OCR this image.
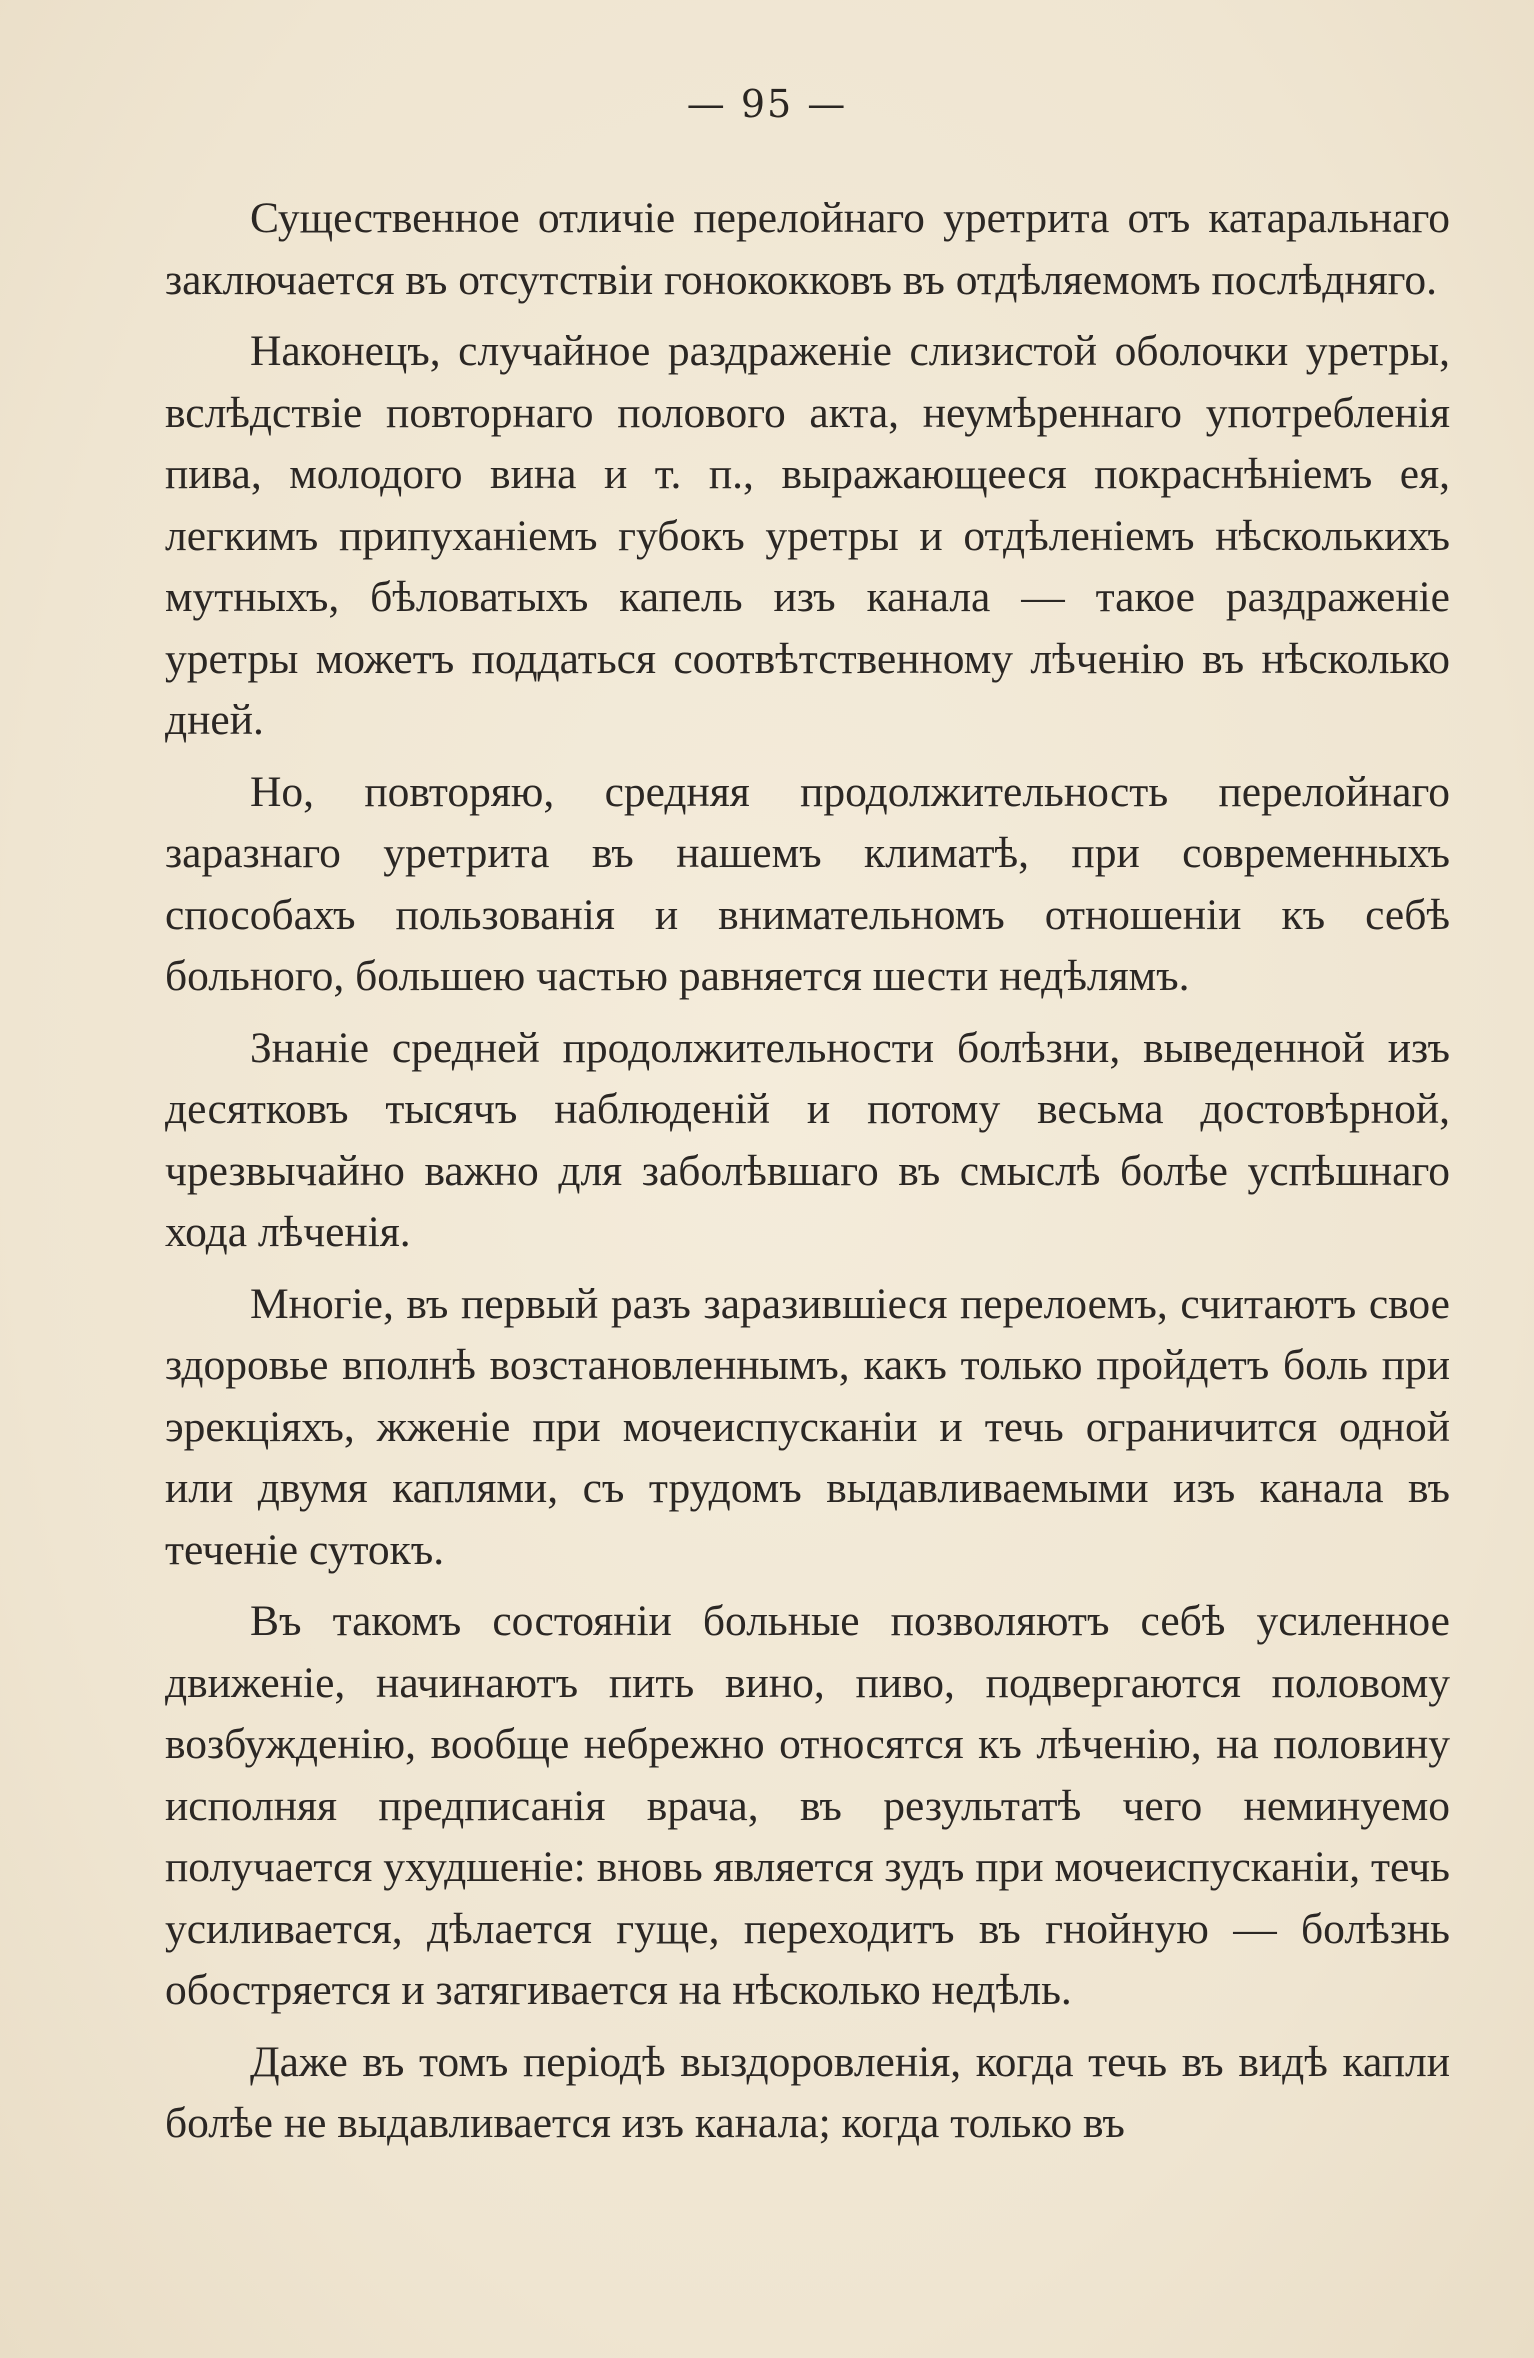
— 95 —

Существенное отличіе перелойнаго уретрита отъ катаральнаго заключается въ отсутствіи гонококковъ въ отдѣляемомъ послѣдняго.

Наконецъ, случайное раздраженіе слизистой оболочки уретры, вслѣдствіе повторнаго полового акта, неумѣреннаго употребленія пива, молодого вина и т. п., выражающееся покраснѣніемъ ея, легкимъ припуханіемъ губокъ уретры и отдѣленіемъ нѣсколькихъ мутныхъ, бѣловатыхъ капель изъ канала — такое раздраженіе уретры можетъ поддаться соотвѣтственному лѣченію въ нѣсколько дней.

Но, повторяю, средняя продолжительность перелойнаго заразнаго уретрита въ нашемъ климатѣ, при современныхъ способахъ пользованія и внимательномъ отношеніи къ себѣ больного, большею частью равняется шести недѣлямъ.

Знаніе средней продолжительности болѣзни, выведенной изъ десятковъ тысячъ наблюденій и потому весьма достовѣрной, чрезвычайно важно для заболѣвшаго въ смыслѣ болѣе успѣшнаго хода лѣченія.

Многіе, въ первый разъ заразившіеся перелоемъ, считаютъ свое здоровье вполнѣ возстановленнымъ, какъ только пройдетъ боль при эрекціяхъ, жженіе при мочеиспусканіи и течь ограничится одной или двумя каплями, съ трудомъ выдавливаемыми изъ канала въ теченіе сутокъ.

Въ такомъ состояніи больные позволяютъ себѣ усиленное движеніе, начинаютъ пить вино, пиво, подвергаются половому возбужденію, вообще небрежно относятся къ лѣченію, на половину исполняя предписанія врача, въ результатѣ чего неминуемо получается ухудшеніе: вновь является зудъ при мочеиспусканіи, течь усиливается, дѣлается гуще, переходитъ въ гнойную — болѣзнь обостряется и затягивается на нѣсколько недѣль.

Даже въ томъ періодѣ выздоровленія, когда течь въ видѣ капли болѣе не выдавливается изъ канала; когда только въ
